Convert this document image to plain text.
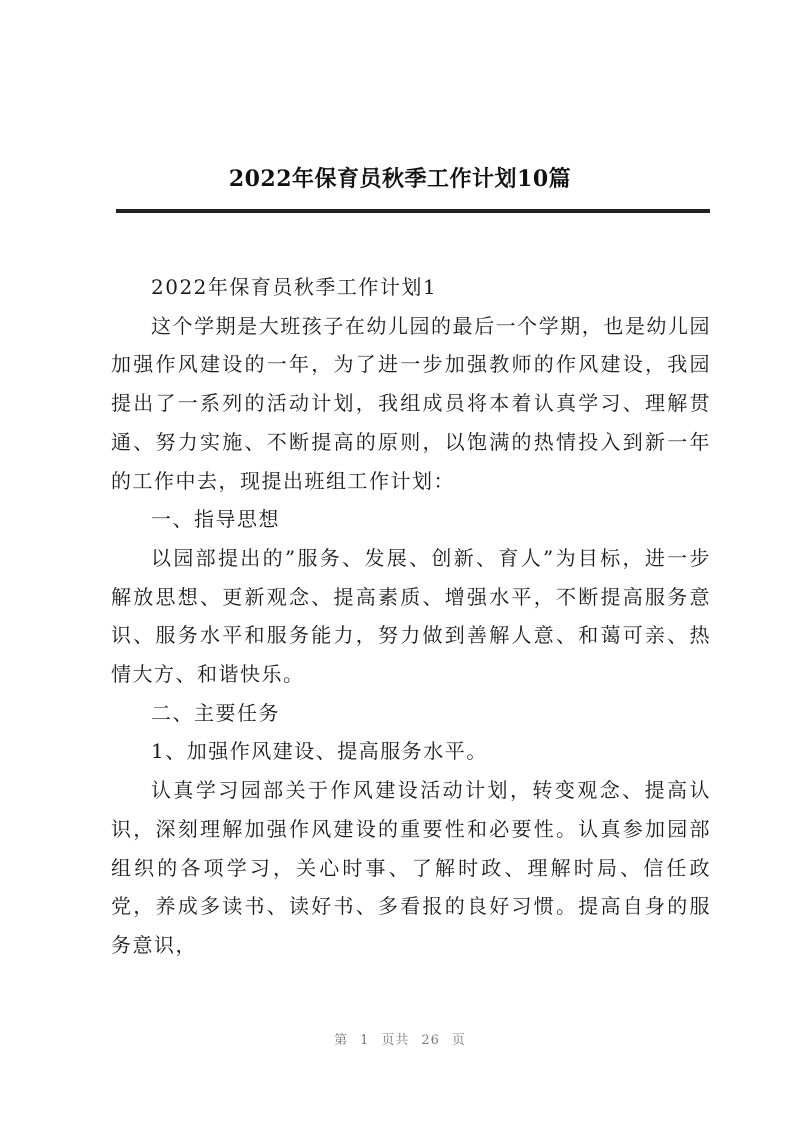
2022年保育员秋季工作计划10篇

2022年保育员秋季工作计划1

这个学期是大班孩子在幼儿园的最后一个学期，也是幼儿园加强作风建设的一年，为了进一步加强教师的作风建设，我园提出了一系列的活动计划，我组成员将本着认真学习、理解贯通、努力实施、不断提高的原则，以饱满的热情投入到新一年的工作中去，现提出班组工作计划：

一、指导思想

以园部提出的”服务、发展、创新、育人”为目标，进一步解放思想、更新观念、提高素质、增强水平，不断提高服务意识、服务水平和服务能力，努力做到善解人意、和蔼可亲、热情大方、和谐快乐。

二、主要任务

1、加强作风建设、提高服务水平。

认真学习园部关于作风建设活动计划，转变观念、提高认识，深刻理解加强作风建设的重要性和必要性。认真参加园部组织的各项学习，关心时事、了解时政、理解时局、信任政党，养成多读书、读好书、多看报的良好习惯。提高自身的服务意识，

第 1 页共 26 页
